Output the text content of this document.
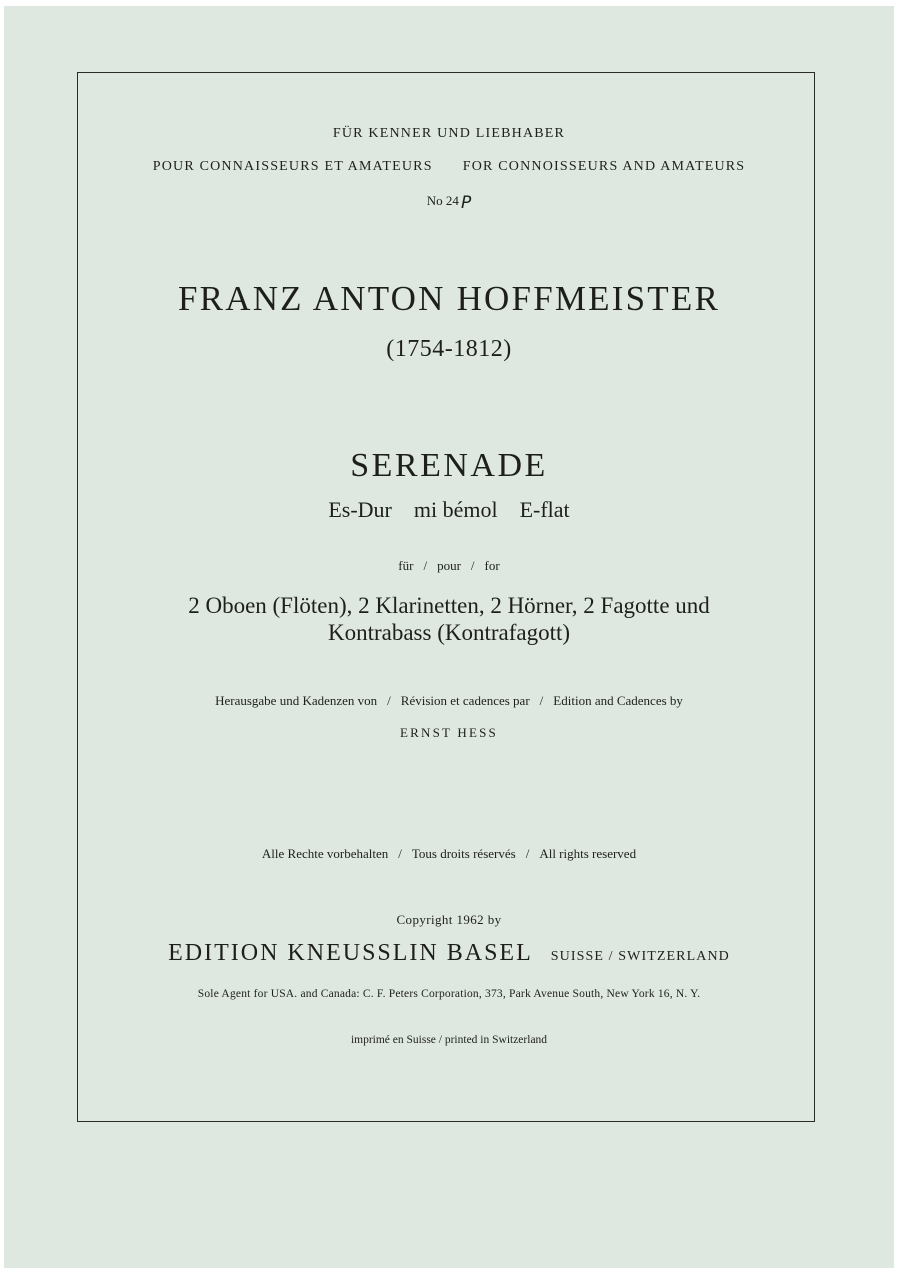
FÜR KENNER UND LIEBHABER
POUR CONNAISSEURS ET AMATEURS FOR CONNOISSEURS AND AMATEURS
No 24 P
FRANZ ANTON HOFFMEISTER
(1754-1812)
SERENADE
Es-Dur mi bémol E-flat
für / pour / for
2 Oboen (Flöten), 2 Klarinetten, 2 Hörner, 2 Fagotte und
Kontrabass (Kontrafagott)
Herausgabe und Kadenzen von / Révision et cadences par / Edition and Cadences by
ERNST HESS
Alle Rechte vorbehalten / Tous droits réservés / All rights reserved
Copyright 1962 by
EDITION KNEUSSLIN BASEL SUISSE / SWITZERLAND
Sole Agent for USA. and Canada: C. F. Peters Corporation, 373, Park Avenue South, New York 16, N. Y.
imprimé en Suisse / printed in Switzerland
